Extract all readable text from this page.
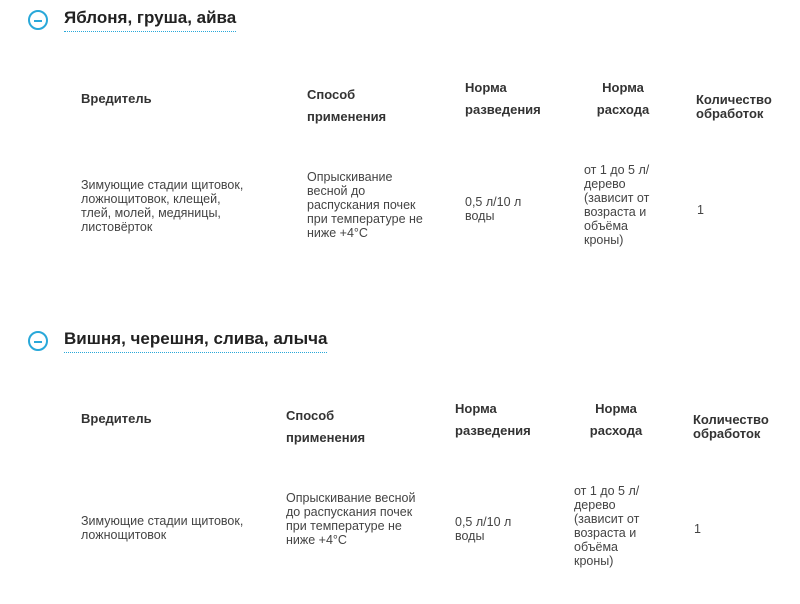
Яблоня, груша, айва
Вредитель	Способ применения
Норма разведения
Норма расхода
Количество обработок
Зимующие стадии щитовок, ложнощитовок, клещей, тлей, молей, медяницы, листовёрток
Опрыскивание весной до распускания почек при температуре не ниже +4°С
0,5 л/10 л воды
от 1 до 5 л/ дерево (зависит от возраста и объёма кроны)
1
Вишня, черешня, слива, алыча
Вредитель	Способ применения
Норма разведения
Норма расхода
Количество обработок
Зимующие стадии щитовок, ложнощитовок
Опрыскивание весной до распускания почек при температуре не ниже +4°С
0,5 л/10 л воды
от 1 до 5 л/ дерево (зависит от возраста и объёма кроны)
1
